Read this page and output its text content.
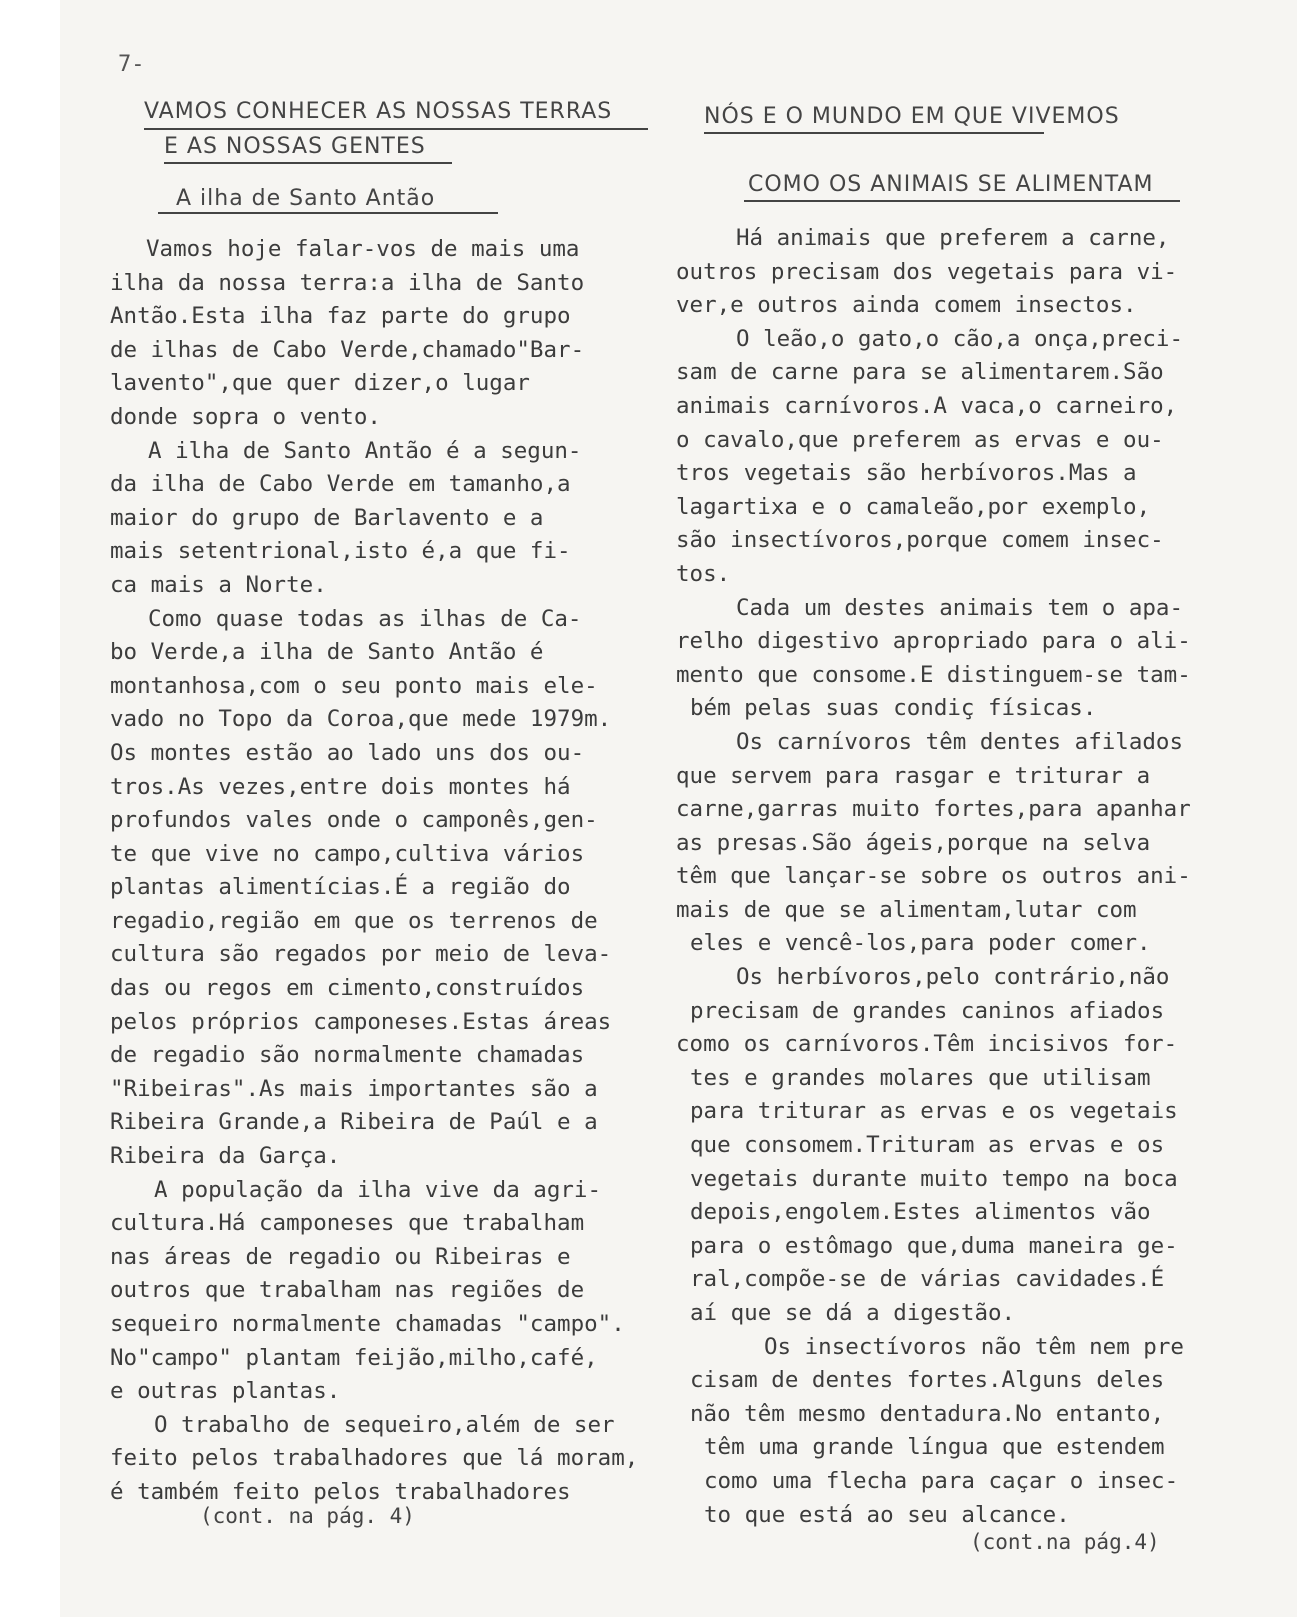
7-
VAMOS CONHECER AS NOSSAS TERRAS
E AS NOSSAS GENTES
A ilha de Santo Antão
Vamos hoje falar-vos de mais uma
ilha da nossa terra:a ilha de Santo
Antão.Esta ilha faz parte do grupo
de ilhas de Cabo Verde,chamado"Bar-
lavento",que quer dizer,o lugar
donde sopra o vento.
A ilha de Santo Antão é a segun-
da ilha de Cabo Verde em tamanho,a
maior do grupo de Barlavento e a
mais setentrional,isto é,a que fi-
ca mais a Norte.
Como quase todas as ilhas de Ca-
bo Verde,a ilha de Santo Antão é
montanhosa,com o seu ponto mais ele-
vado no Topo da Coroa,que mede 1979m.
Os montes estão ao lado uns dos ou-
tros.As vezes,entre dois montes há
profundos vales onde o camponês,gen-
te que vive no campo,cultiva vários
plantas alimentícias.É a região do
regadio,região em que os terrenos de
cultura são regados por meio de leva-
das ou regos em cimento,construídos
pelos próprios camponeses.Estas áreas
de regadio são normalmente chamadas
"Ribeiras".As mais importantes são a
Ribeira Grande,a Ribeira de Paúl e a
Ribeira da Garça.
A população da ilha vive da agri-
cultura.Há camponeses que trabalham
nas áreas de regadio ou Ribeiras e
outros que trabalham nas regiões de
sequeiro normalmente chamadas "campo".
No"campo" plantam feijão,milho,café,
e outras plantas.
O trabalho de sequeiro,além de ser
feito pelos trabalhadores que lá moram,
é também feito pelos trabalhadores
(cont. na pág. 4)
NÓS E O MUNDO EM QUE VIVEMOS
COMO OS ANIMAIS SE ALIMENTAM
Há animais que preferem a carne,
outros precisam dos vegetais para vi-
ver,e outros ainda comem insectos.
O leão,o gato,o cão,a onça,preci-
sam de carne para se alimentarem.São
animais carnívoros.A vaca,o carneiro,
o cavalo,que preferem as ervas e ou-
tros vegetais são herbívoros.Mas a
lagartixa e o camaleão,por exemplo,
são insectívoros,porque comem insec-
tos.
Cada um destes animais tem o apa-
relho digestivo apropriado para o ali-
mento que consome.E distinguem-se tam-
bém pelas suas condiç físicas.
Os carnívoros têm dentes afilados
que servem para rasgar e triturar a
carne,garras muito fortes,para apanhar
as presas.São ágeis,porque na selva
têm que lançar-se sobre os outros ani-
mais de que se alimentam,lutar com
eles e vencê-los,para poder comer.
Os herbívoros,pelo contrário,não
precisam de grandes caninos afiados
como os carnívoros.Têm incisivos for-
tes e grandes molares que utilisam
para triturar as ervas e os vegetais
que consomem.Trituram as ervas e os
vegetais durante muito tempo na boca
depois,engolem.Estes alimentos vão
para o estômago que,duma maneira ge-
ral,compõe-se de várias cavidades.É
aí que se dá a digestão.
Os insectívoros não têm nem pre
cisam de dentes fortes.Alguns deles
não têm mesmo dentadura.No entanto,
têm uma grande língua que estendem
como uma flecha para caçar o insec-
to que está ao seu alcance.
(cont.na pág.4)
